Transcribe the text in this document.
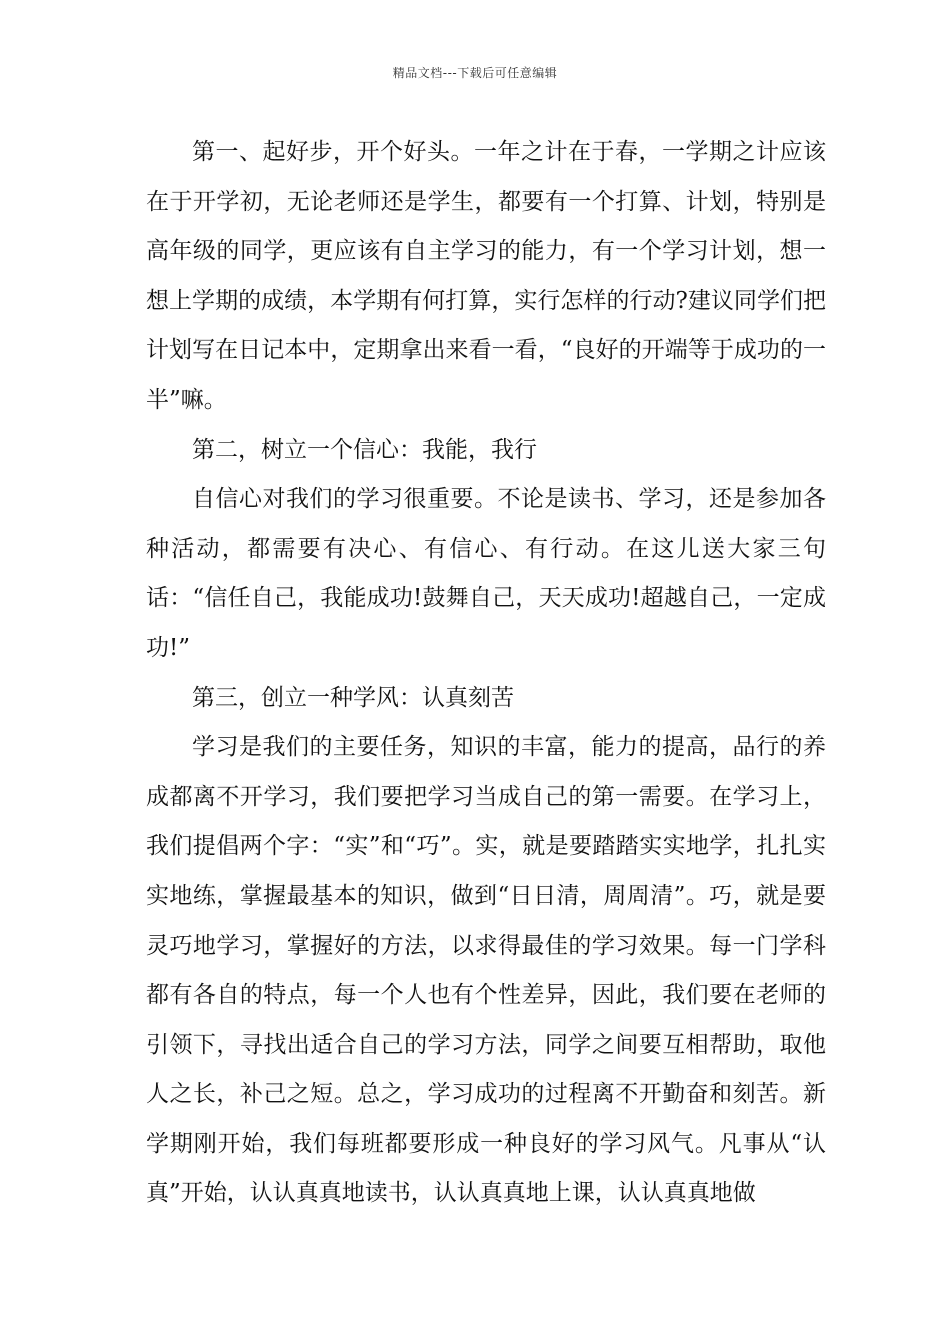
精品文档---下载后可任意编辑

第一、起好步，开个好头。一年之计在于春，一学期之计应该在于开学初，无论老师还是学生，都要有一个打算、计划，特别是高年级的同学，更应该有自主学习的能力，有一个学习计划，想一想上学期的成绩，本学期有何打算，实行怎样的行动?建议同学们把计划写在日记本中，定期拿出来看一看，“良好的开端等于成功的一半”嘛。

第二，树立一个信心：我能，我行

自信心对我们的学习很重要。不论是读书、学习，还是参加各种活动，都需要有决心、有信心、有行动。在这儿送大家三句话：“信任自己，我能成功!鼓舞自己，天天成功!超越自己，一定成功!”

第三，创立一种学风：认真刻苦

学习是我们的主要任务，知识的丰富，能力的提高，品行的养成都离不开学习，我们要把学习当成自己的第一需要。在学习上，我们提倡两个字：“实”和“巧”。实，就是要踏踏实实地学，扎扎实实地练，掌握最基本的知识，做到“日日清，周周清”。巧，就是要灵巧地学习，掌握好的方法，以求得最佳的学习效果。每一门学科都有各自的特点，每一个人也有个性差异，因此，我们要在老师的引领下，寻找出适合自己的学习方法，同学之间要互相帮助，取他人之长，补己之短。总之，学习成功的过程离不开勤奋和刻苦。新学期刚开始，我们每班都要形成一种良好的学习风气。凡事从“认真”开始，认认真真地读书，认认真真地上课，认认真真地做
